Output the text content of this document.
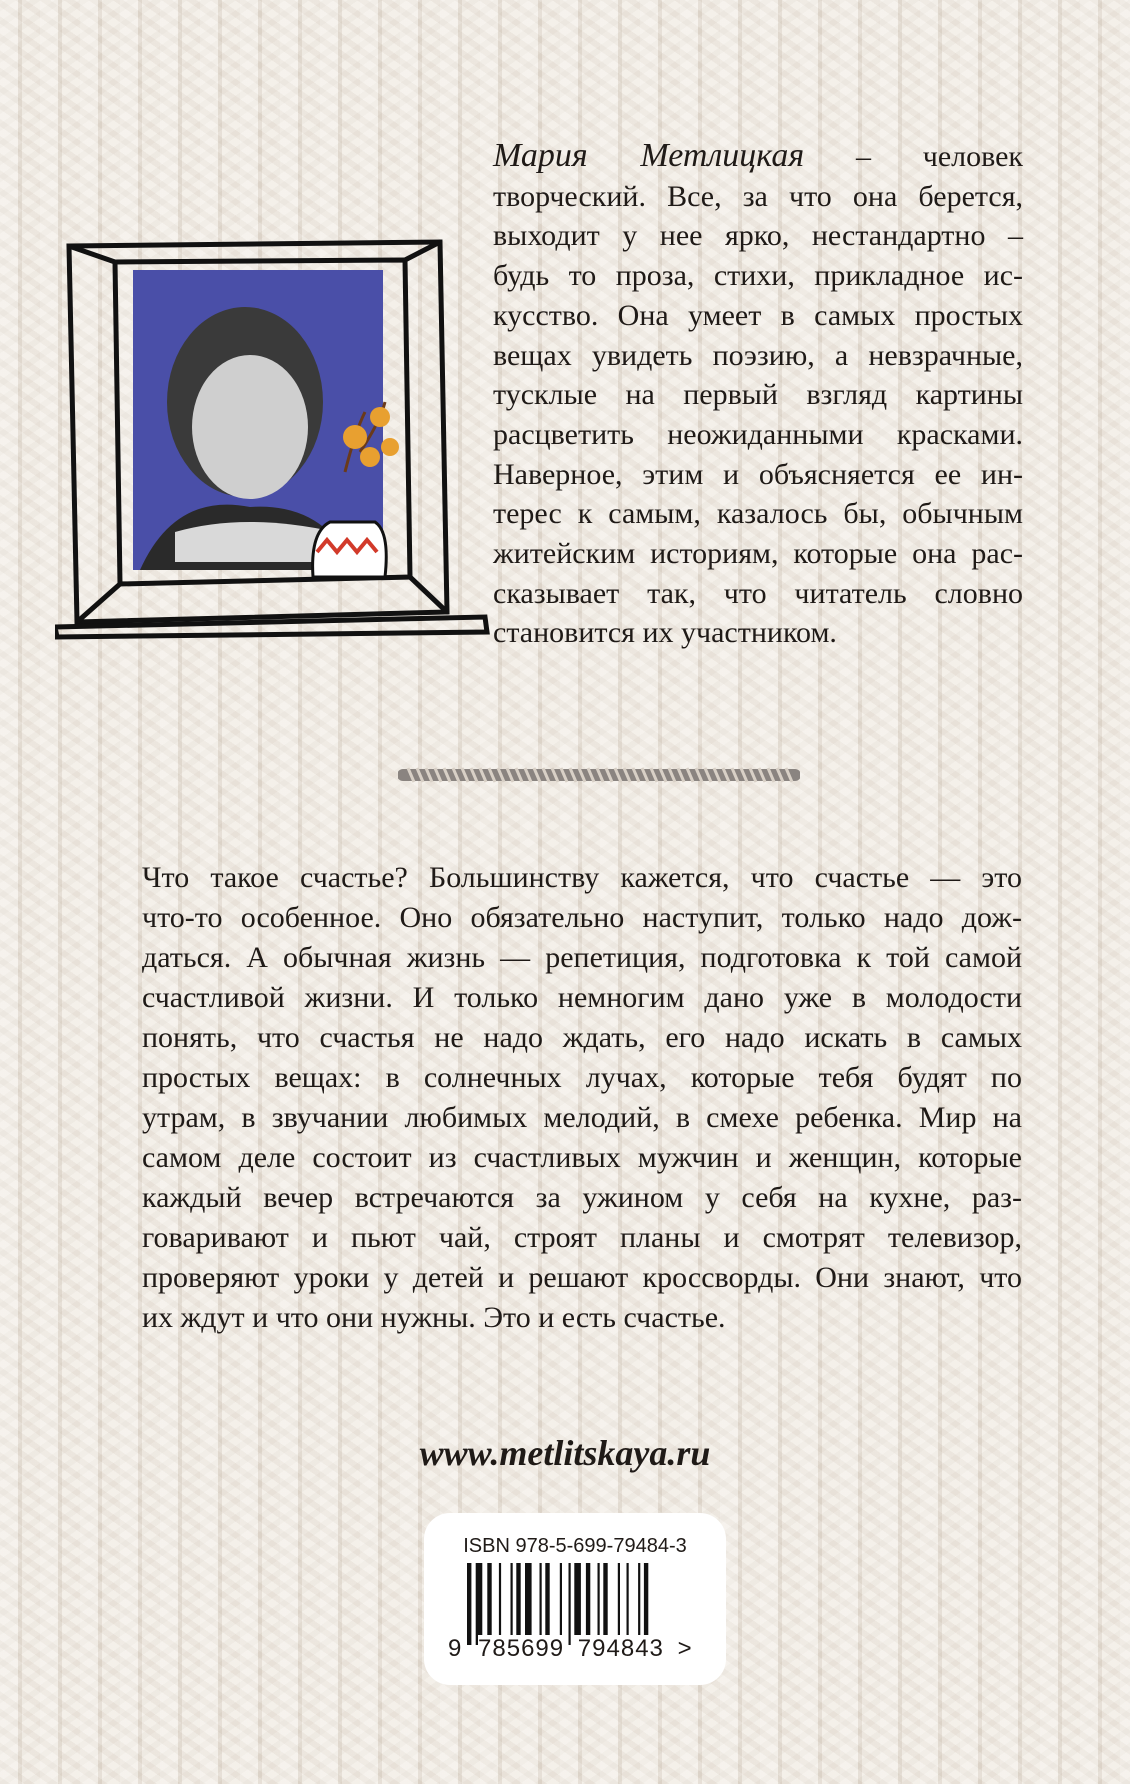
Мария Метлицкая – человек
творческий. Все, за что она берется,
выходит у нее ярко, нестандартно –
будь то проза, стихи, прикладное ис-
кусство. Она умеет в самых простых
вещах увидеть поэзию, а невзрачные,
тусклые на первый взгляд картины
расцветить неожиданными красками.
Наверное, этим и объясняется ее ин-
терес к самым, казалось бы, обычным
житейским историям, которые она рас-
сказывает так, что читатель словно
становится их участником.
Что такое счастье? Большинству кажется, что счастье — это
что-то особенное. Оно обязательно наступит, только надо дож-
даться. А обычная жизнь — репетиция, подготовка к той самой
счастливой жизни. И только немногим дано уже в молодости
понять, что счастья не надо ждать, его надо искать в самых
простых вещах: в солнечных лучах, которые тебя будят по
утрам, в звучании любимых мелодий, в смехе ребенка. Мир на
самом деле состоит из счастливых мужчин и женщин, которые
каждый вечер встречаются за ужином у себя на кухне, раз-
говаривают и пьют чай, строят планы и смотрят телевизор,
проверяют уроки у детей и решают кроссворды. Они знают, что
их ждут и что они нужны. Это и есть счастье.
www.metlitskaya.ru
ISBN 978-5-699-79484-3
9 785699 794843 >
